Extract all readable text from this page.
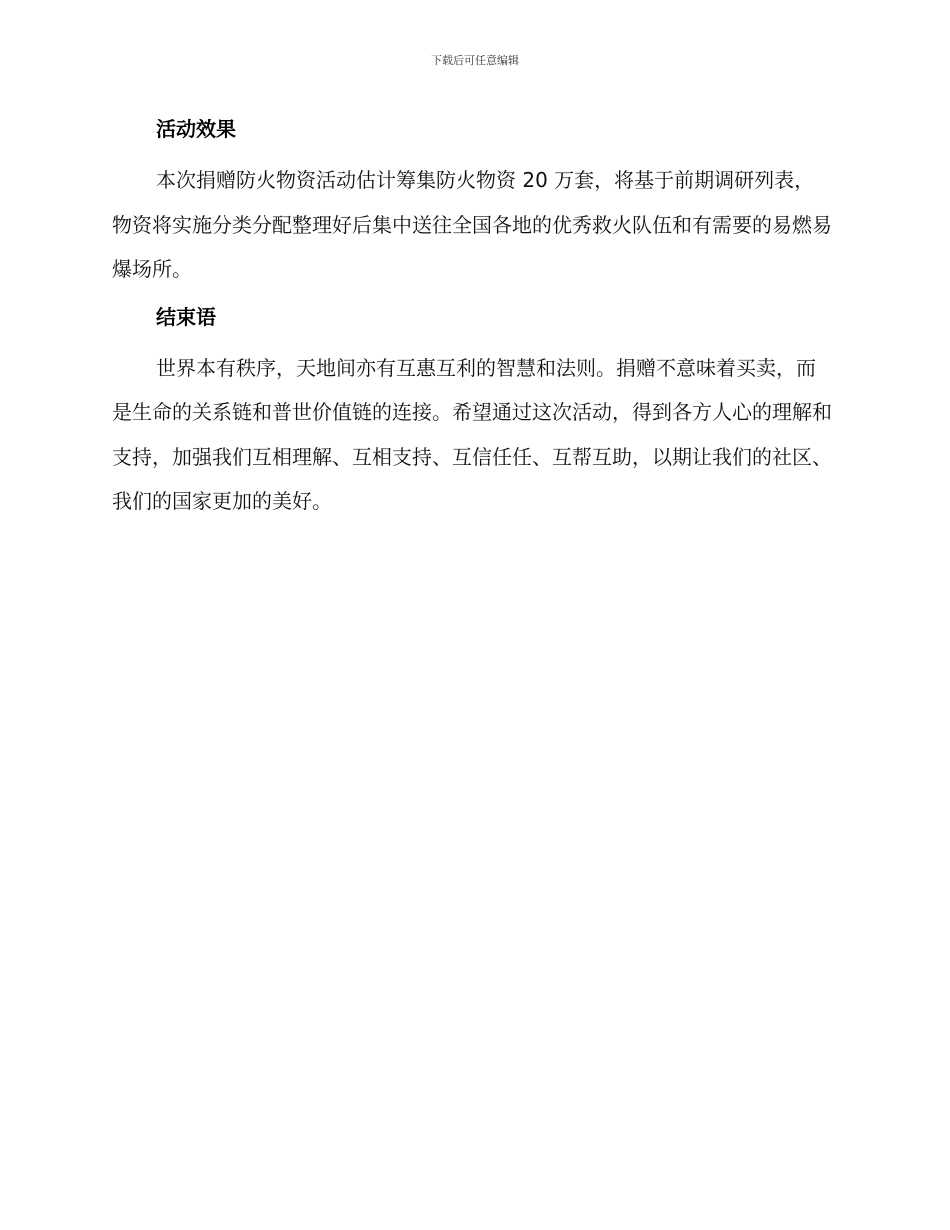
下载后可任意编辑
活动效果

本次捐赠防火物资活动估计筹集防火物资 20 万套，将基于前期调研列表，物资将实施分类分配整理好后集中送往全国各地的优秀救火队伍和有需要的易燃易爆场所。

结束语

世界本有秩序，天地间亦有互惠互利的智慧和法则。捐赠不意味着买卖，而是生命的关系链和普世价值链的连接。希望通过这次活动，得到各方人心的理解和支持，加强我们互相理解、互相支持、互信任任、互帮互助，以期让我们的社区、我们的国家更加的美好。
